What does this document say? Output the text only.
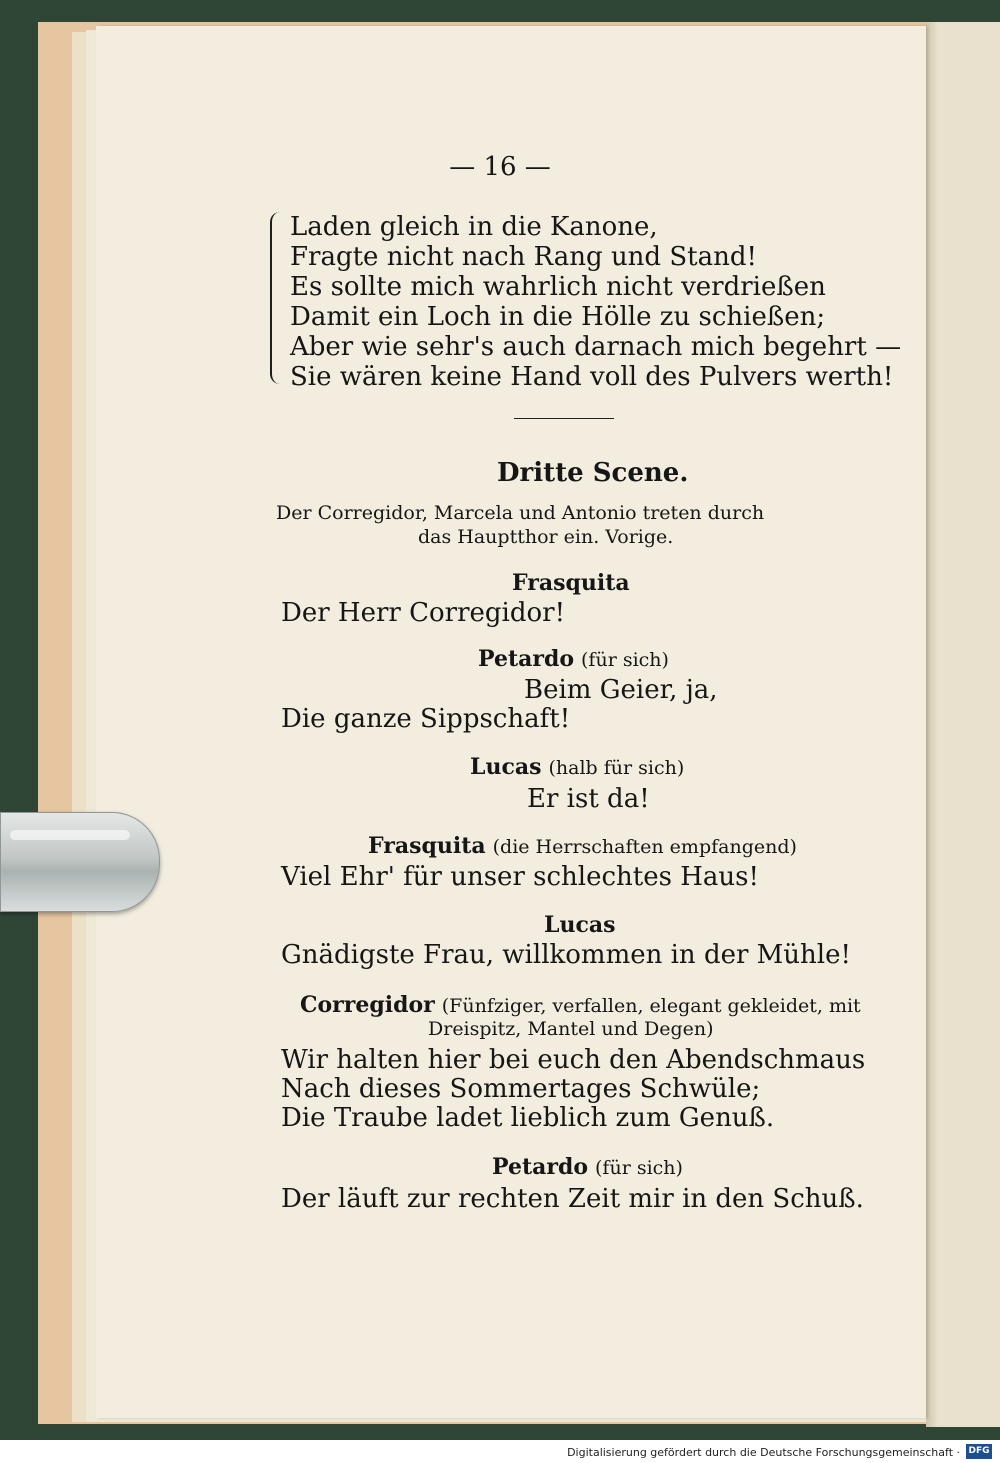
— 16 —
Laden gleich in die Kanone,
Fragte nicht nach Rang und Stand!
Es sollte mich wahrlich nicht verdrießen
Damit ein Loch in die Hölle zu schießen;
Aber wie sehr's auch darnach mich begehrt —
Sie wären keine Hand voll des Pulvers werth!
Dritte Scene.
Der Corregidor, Marcela und Antonio treten durch
das Hauptthor ein. Vorige.
Frasquita
Der Herr Corregidor!
Petardo (für sich)
Beim Geier, ja,
Die ganze Sippschaft!
Lucas (halb für sich)
Er ist da!
Frasquita (die Herrschaften empfangend)
Viel Ehr' für unser schlechtes Haus!
Lucas
Gnädigste Frau, willkommen in der Mühle!
Corregidor (Fünfziger, verfallen, elegant gekleidet, mit
Dreispitz, Mantel und Degen)
Wir halten hier bei euch den Abendschmaus
Nach dieses Sommertages Schwüle;
Die Traube ladet lieblich zum Genuß.
Petardo (für sich)
Der läuft zur rechten Zeit mir in den Schuß.
Digitalisierung gefördert durch die Deutsche Forschungsgemeinschaft · DFG
